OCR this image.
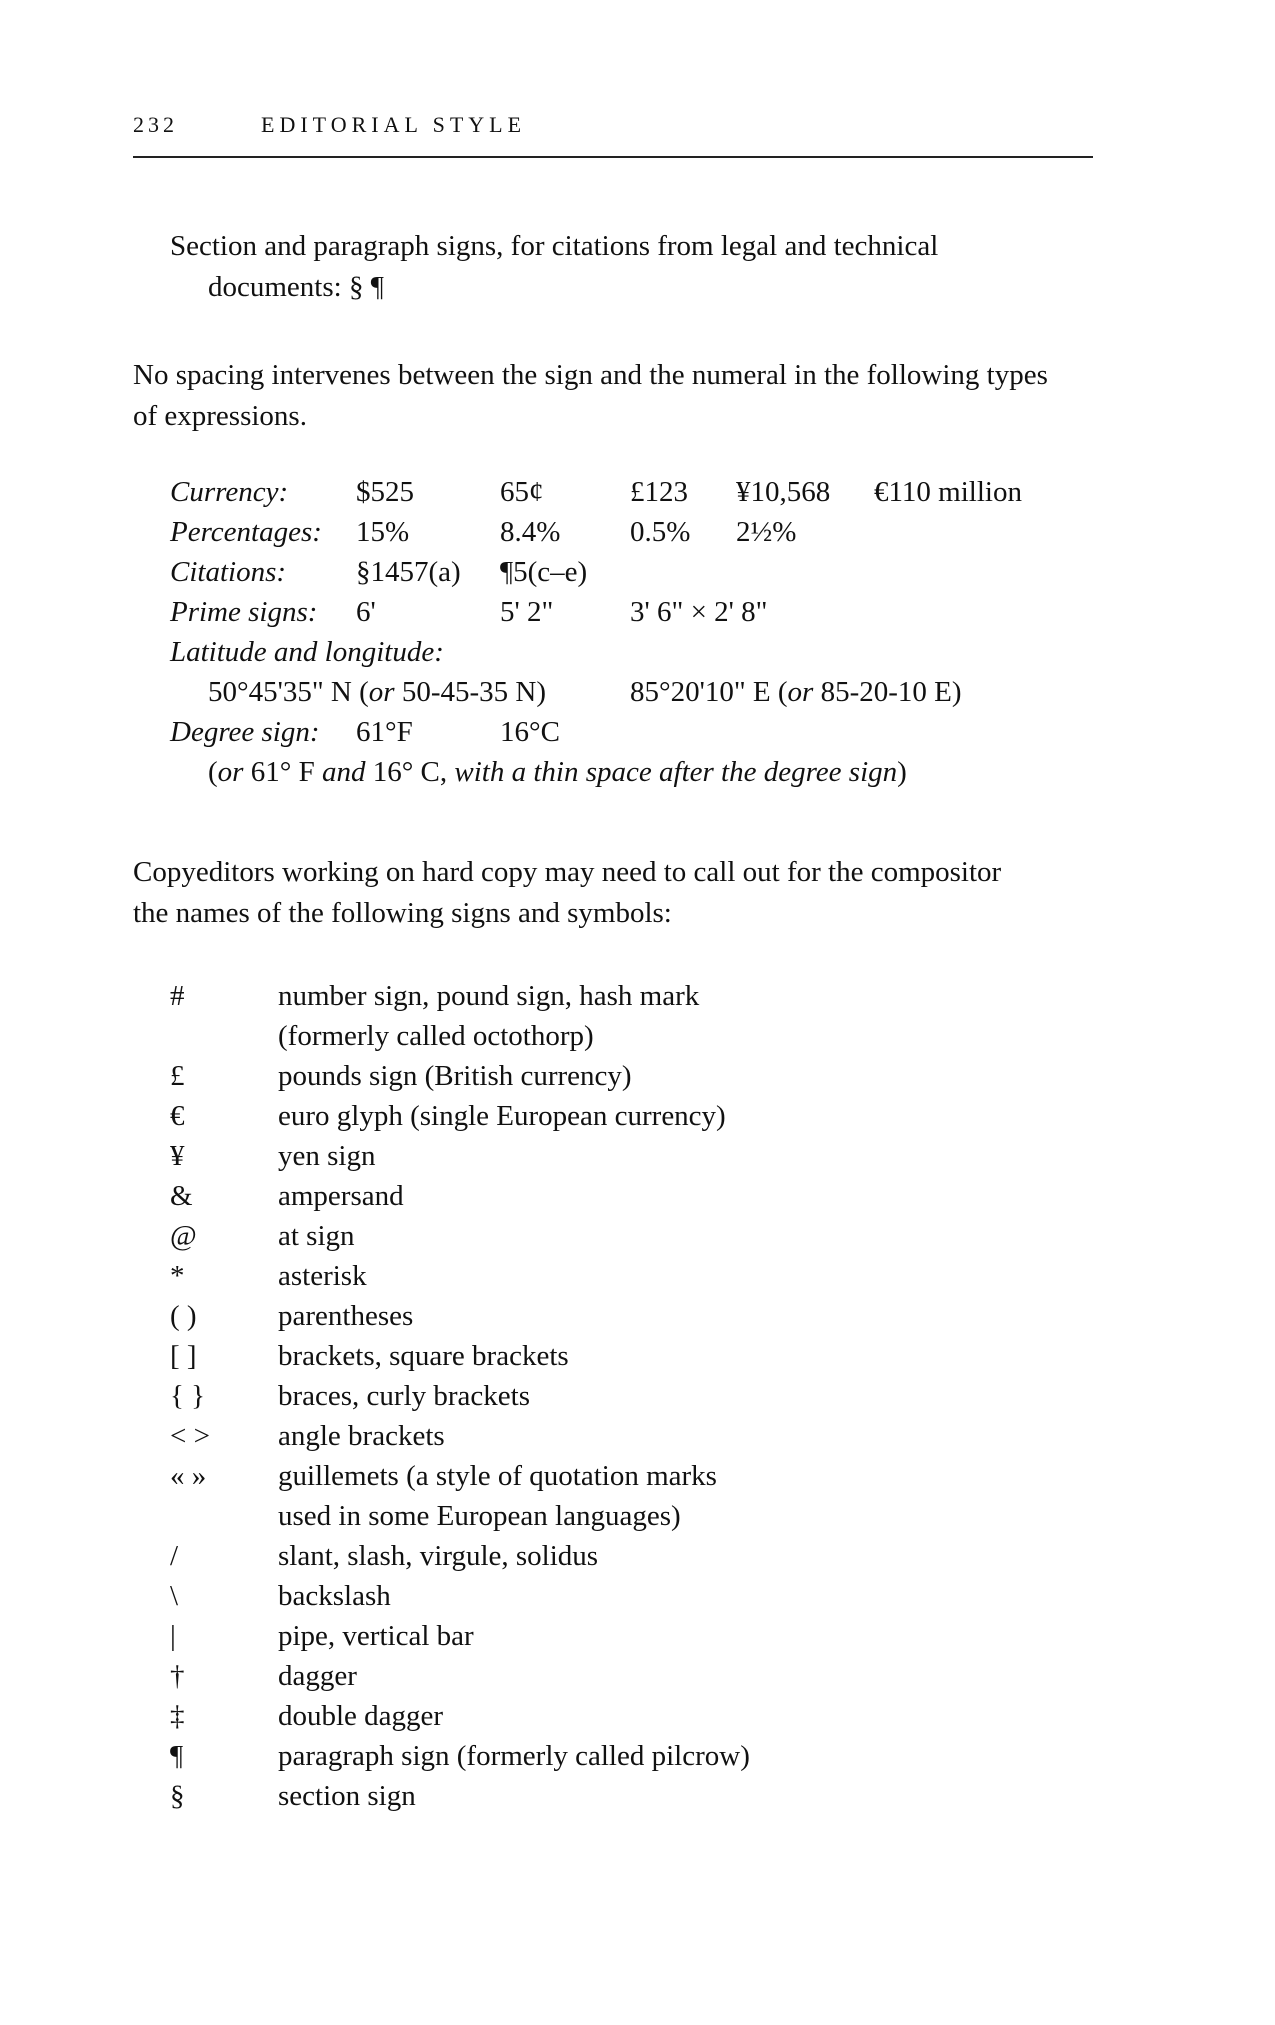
232	EDITORIAL STYLE
Section and paragraph signs, for citations from legal and technical
documents: § ¶
No spacing intervenes between the sign and the numeral in the following types
of expressions.
Currency: $525	65¢	£123 ¥10,568 €110 million
Percentages: 15%	8.4% 0.5% 2½%
Citations: §1457(a) ¶5(c–e)
Prime signs: 6'	5' 2"	3' 6" × 2' 8"
Latitude and longitude:
50°45'35" N (or 50-45-35 N)	85°20'10" E (or 85-20-10 E)
Degree sign: 61°F	16°C
(or 61° F and 16° C, with a thin space after the degree sign)
Copyeditors working on hard copy may need to call out for the compositor
the names of the following signs and symbols:
#	number sign, pound sign, hash mark
(formerly called octothorp)
£	pounds sign (British currency)
€	euro glyph (single European currency)
¥	yen sign
&	ampersand
@	at sign
*	asterisk
( )	parentheses
[ ]	brackets, square brackets
{ }	braces, curly brackets
< > angle brackets
« » guillemets (a style of quotation marks
used in some European languages)
/	slant, slash, virgule, solidus
\	backslash
|	pipe, vertical bar
†	dagger
‡	double dagger
¶	paragraph sign (formerly called pilcrow)
§	section sign
